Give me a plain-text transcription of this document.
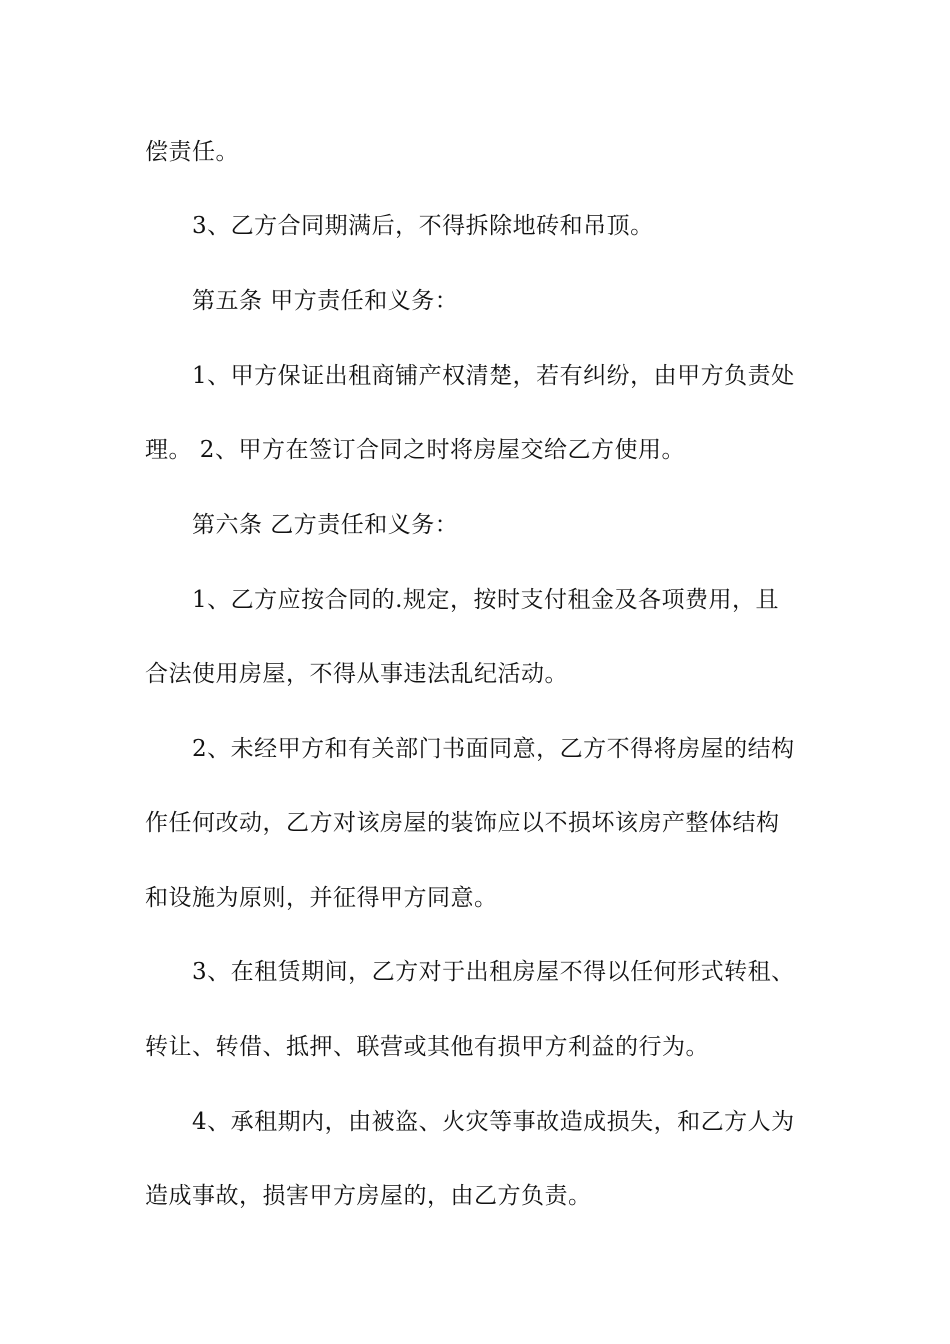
偿责任。
3、乙方合同期满后，不得拆除地砖和吊顶。
第五条 甲方责任和义务：
1、甲方保证出租商铺产权清楚，若有纠纷，由甲方负责处
理。 2、甲方在签订合同之时将房屋交给乙方使用。
第六条 乙方责任和义务：
1、乙方应按合同的.规定，按时支付租金及各项费用，且
合法使用房屋，不得从事违法乱纪活动。
2、未经甲方和有关部门书面同意，乙方不得将房屋的结构
作任何改动，乙方对该房屋的装饰应以不损坏该房产整体结构
和设施为原则，并征得甲方同意。
3、在租赁期间，乙方对于出租房屋不得以任何形式转租、
转让、转借、抵押、联营或其他有损甲方利益的行为。
4、承租期内，由被盗、火灾等事故造成损失，和乙方人为
造成事故，损害甲方房屋的，由乙方负责。
